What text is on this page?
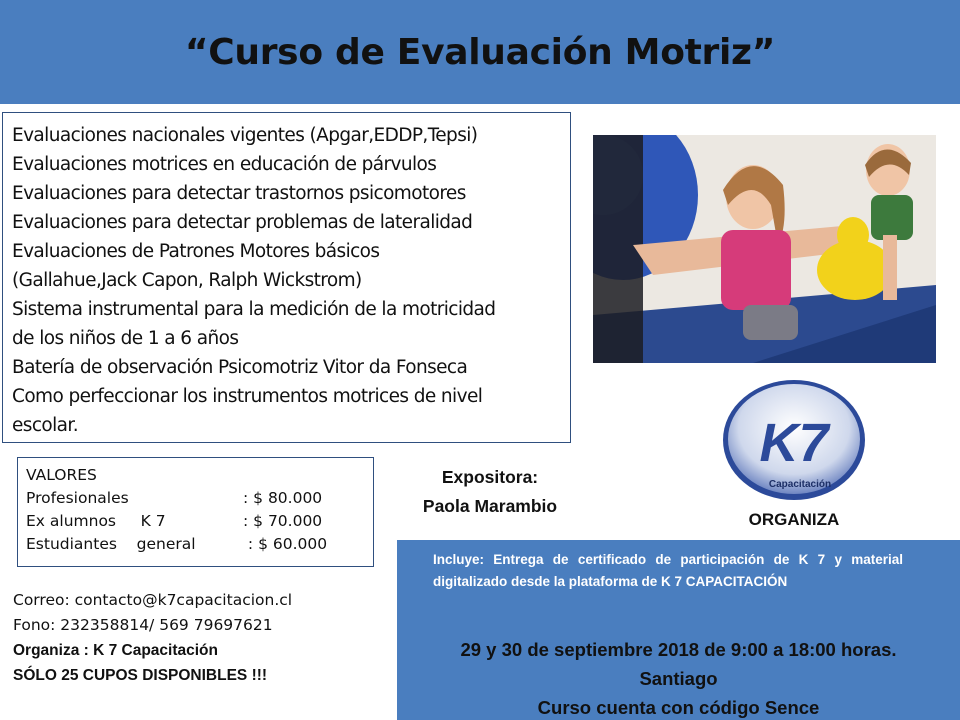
“Curso de Evaluación Motriz”
Evaluaciones nacionales vigentes (Apgar,EDDP,Tepsi)
Evaluaciones motrices en educación de párvulos
Evaluaciones para detectar trastornos psicomotores
Evaluaciones para detectar problemas de lateralidad
Evaluaciones de Patrones Motores básicos
(Gallahue,Jack Capon, Ralph Wickstrom)
Sistema instrumental para la medición de la motricidad
de los niños de 1 a 6 años
Batería de observación Psicomotriz Vitor da Fonseca
Como perfeccionar los instrumentos motrices de nivel
escolar.	K7
Capacitación
ORGANIZA
VALORES
Profesionales	: $ 80.000
Ex alumnos     K 7	: $ 70.000
Estudiantes    general	: $ 60.000
Expositora:
Paola Marambio
Correo: contacto@k7capacitacion.cl
Fono: 232358814/ 569 79697621
Organiza : K 7 Capacitación
SÓLO 25 CUPOS DISPONIBLES !!!
Incluye: Entrega de certificado de participación de K 7 y material digitalizado desde la plataforma de K 7 CAPACITACIÓN
29 y 30 de septiembre 2018 de 9:00 a 18:00 horas.
Santiago
Curso cuenta con código Sence
